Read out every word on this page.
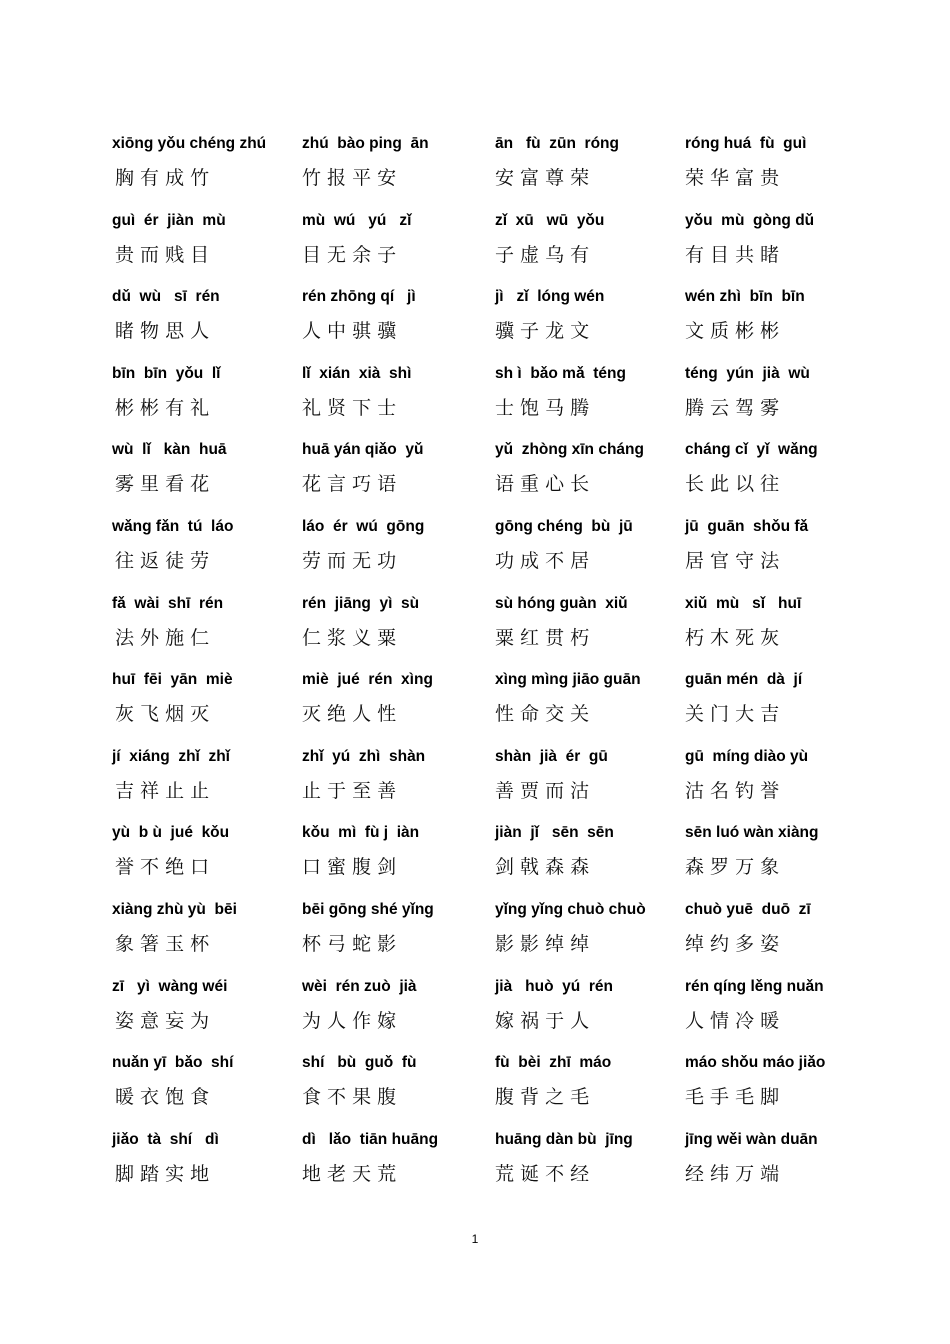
xiōng yǒu chéng zhú
胸 有 成 竹
zhú  bào ping  ān
竹 报 平 安
ān   fù  zūn  róng
安 富 尊 荣
róng huá  fù  guì
荣 华 富 贵
guì  ér  jiàn  mù
贵 而 贱 目
mù  wú   yú   zǐ
目 无 余 子
zǐ  xū   wū  yǒu
子 虚 乌 有
yǒu  mù  gòng dǔ
有 目 共 睹
dǔ  wù   sī  rén
睹 物 思 人
rén zhōng qí   jì
人 中 骐 骥
jì   zǐ  lóng wén
骥 子 龙 文
wén zhì  bīn  bīn
文 质 彬 彬
bīn  bīn  yǒu  lǐ
彬 彬 有 礼
lǐ  xián  xià  shì
礼 贤 下 士
sh ì  bǎo mǎ  téng
士 饱 马 腾
téng  yún  jià  wù
腾 云 驾 雾
wù  lǐ   kàn  huā
雾 里 看 花
huā yán qiǎo  yǔ
花 言 巧 语
yǔ  zhòng xīn cháng
语 重 心 长
cháng cǐ  yǐ  wǎng
长 此 以 往
wǎng fǎn  tú  láo
往 返 徒 劳
láo  ér  wú  gōng
劳 而 无 功
gōng chéng  bù  jū
功 成 不 居
jū  guān  shǒu fǎ
居 官 守 法
fǎ  wài  shī  rén
法 外 施 仁
rén  jiāng  yì  sù
仁 浆 义 粟
sù hóng guàn  xiǔ
粟 红 贯 朽
xiǔ  mù   sǐ   huī
朽 木 死 灰
huī  fēi  yān  miè
灰 飞 烟 灭
miè  jué  rén  xìng
灭 绝 人 性
xìng mìng jiāo guān
性 命 交 关
guān mén  dà  jí
关 门 大 吉
jí  xiáng  zhǐ  zhǐ
吉 祥 止 止
zhǐ  yú  zhì  shàn
止 于 至 善
shàn  jià  ér  gū
善 贾 而 沽
gū  míng diào yù
沽 名 钓 誉
yù  b ù  jué  kǒu
誉 不 绝 口
kǒu  mì  fù j  iàn
口 蜜 腹 剑
jiàn  jǐ   sēn  sēn
剑 戟 森 森
sēn luó wàn xiàng
森 罗 万 象
xiàng zhù yù  bēi
象 箸 玉 杯
bēi gōng shé yǐng
杯 弓 蛇 影
yǐng yǐng chuò chuò
影 影 绰 绰
chuò yuē  duō  zī
绰 约 多 姿
zī   yì  wàng wéi
姿 意 妄 为
wèi  rén zuò  jià
为 人 作 嫁
jià   huò  yú  rén
嫁 祸 于 人
rén qíng lěng nuǎn
人 情 冷 暖
nuǎn yī  bǎo  shí
暖 衣 饱 食
shí   bù  guǒ  fù
食 不 果 腹
fù  bèi  zhī  máo
腹 背 之 毛
máo shǒu máo jiǎo
毛 手 毛 脚
jiǎo  tà  shí   dì
脚 踏 实 地
dì   lǎo  tiān huāng
地 老 天 荒
huāng dàn bù  jīng
荒 诞 不 经
jīng wěi wàn duān
经 纬 万 端
1
